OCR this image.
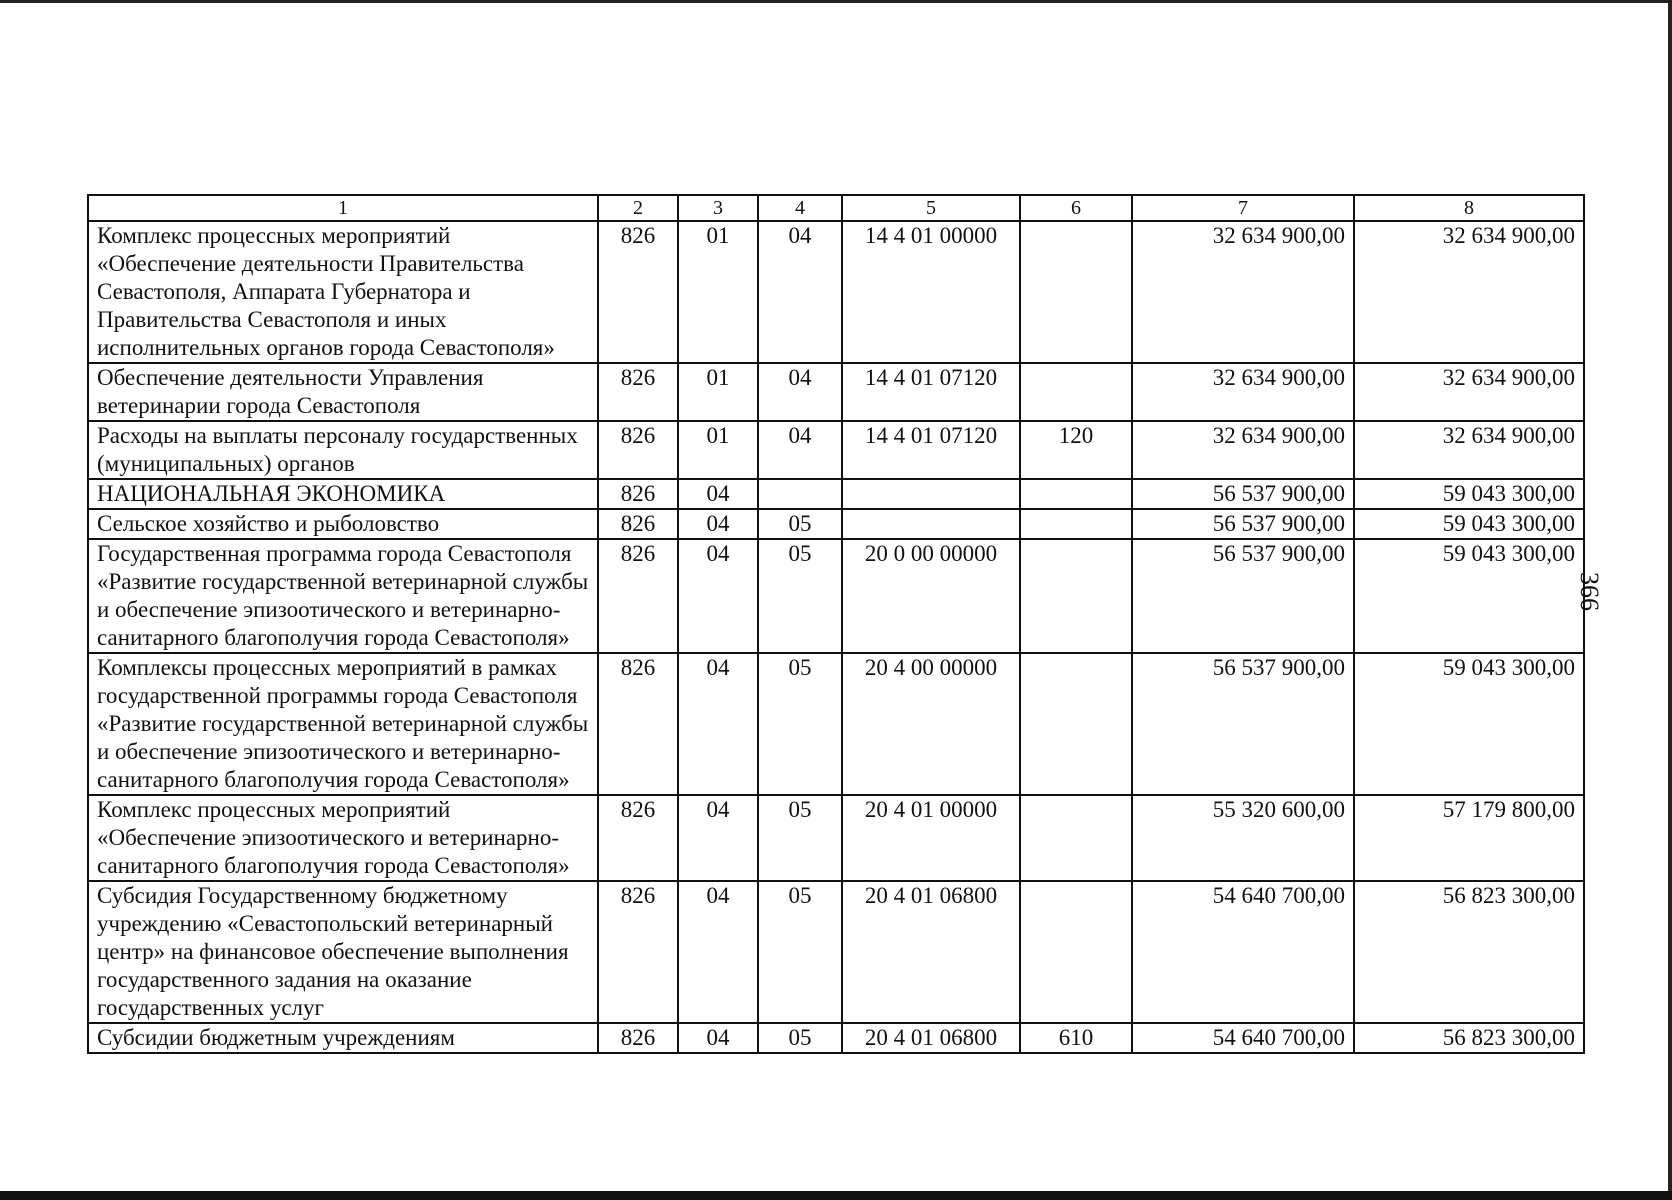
1	2	3	4	5	6	7	8
Комплекс процессных мероприятий «Обеспечение деятельности Правительства Севастополя, Аппарата Губернатора и Правительства Севастополя и иных исполнительных органов города Севастополя»	826	01	04	14 4 01 00000		32 634 900,00	32 634 900,00
Обеспечение деятельности Управления ветеринарии города Севастополя	826	01	04	14 4 01 07120		32 634 900,00	32 634 900,00
Расходы на выплаты персоналу государственных (муниципальных) органов	826	01	04	14 4 01 07120	120	32 634 900,00	32 634 900,00
НАЦИОНАЛЬНАЯ ЭКОНОМИКА	826	04				56 537 900,00	59 043 300,00
Сельское хозяйство и рыболовство	826	04	05			56 537 900,00	59 043 300,00
Государственная программа города Севастополя «Развитие государственной ветеринарной службы и обеспечение эпизоотического и ветеринарно-санитарного благополучия города Севастополя»	826	04	05	20 0 00 00000		56 537 900,00	59 043 300,00
Комплексы процессных мероприятий в рамках государственной программы города Севастополя «Развитие государственной ветеринарной службы и обеспечение эпизоотического и ветеринарно-санитарного благополучия города Севастополя»	826	04	05	20 4 00 00000		56 537 900,00	59 043 300,00
Комплекс процессных мероприятий «Обеспечение эпизоотического и ветеринарно-санитарного благополучия города Севастополя»	826	04	05	20 4 01 00000		55 320 600,00	57 179 800,00
Субсидия Государственному бюджетному учреждению «Севастопольский ветеринарный центр» на финансовое обеспечение выполнения государственного задания на оказание государственных услуг	826	04	05	20 4 01 06800		54 640 700,00	56 823 300,00
Субсидии бюджетным учреждениям	826	04	05	20 4 01 06800	610	54 640 700,00	56 823 300,00
366
